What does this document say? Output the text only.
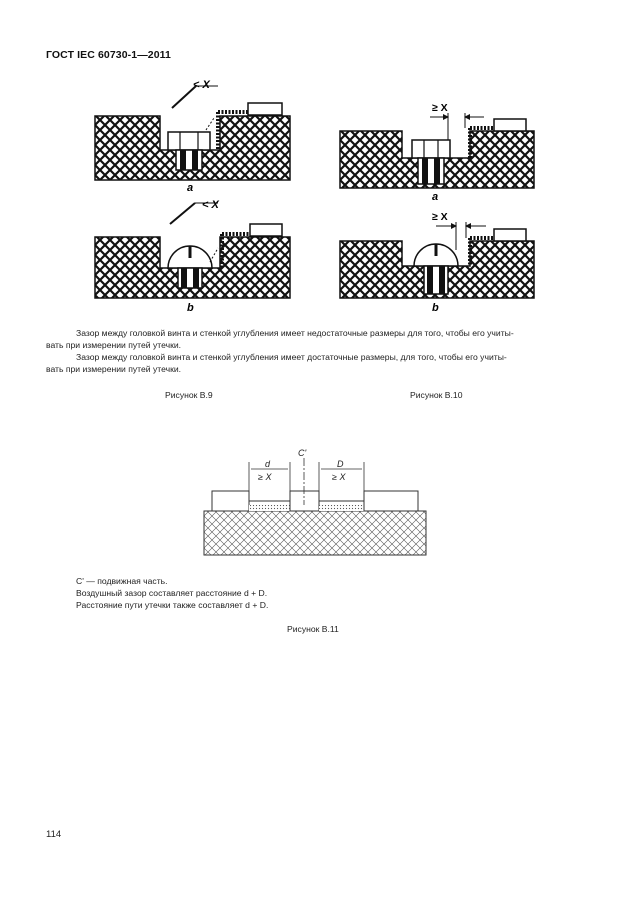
ГОСТ IEC 60730-1—2011
< X
a
< X
b
≥ X
a
≥ X
b
Зазор между головкой винта и стенкой углубления имеет недостаточные размеры для того, чтобы его учиты-
вать при измерении путей утечки.
Зазор между головкой винта и стенкой углубления имеет достаточные размеры, для того, чтобы его учиты-
вать при измерении путей утечки.
Рисунок В.9	Рисунок В.10
C'
d	D
≥ X	≥ X
C' — подвижная часть.
Воздушный зазор составляет расстояние d + D.
Расстояние пути утечки также составляет d + D.
Рисунок В.11
114
